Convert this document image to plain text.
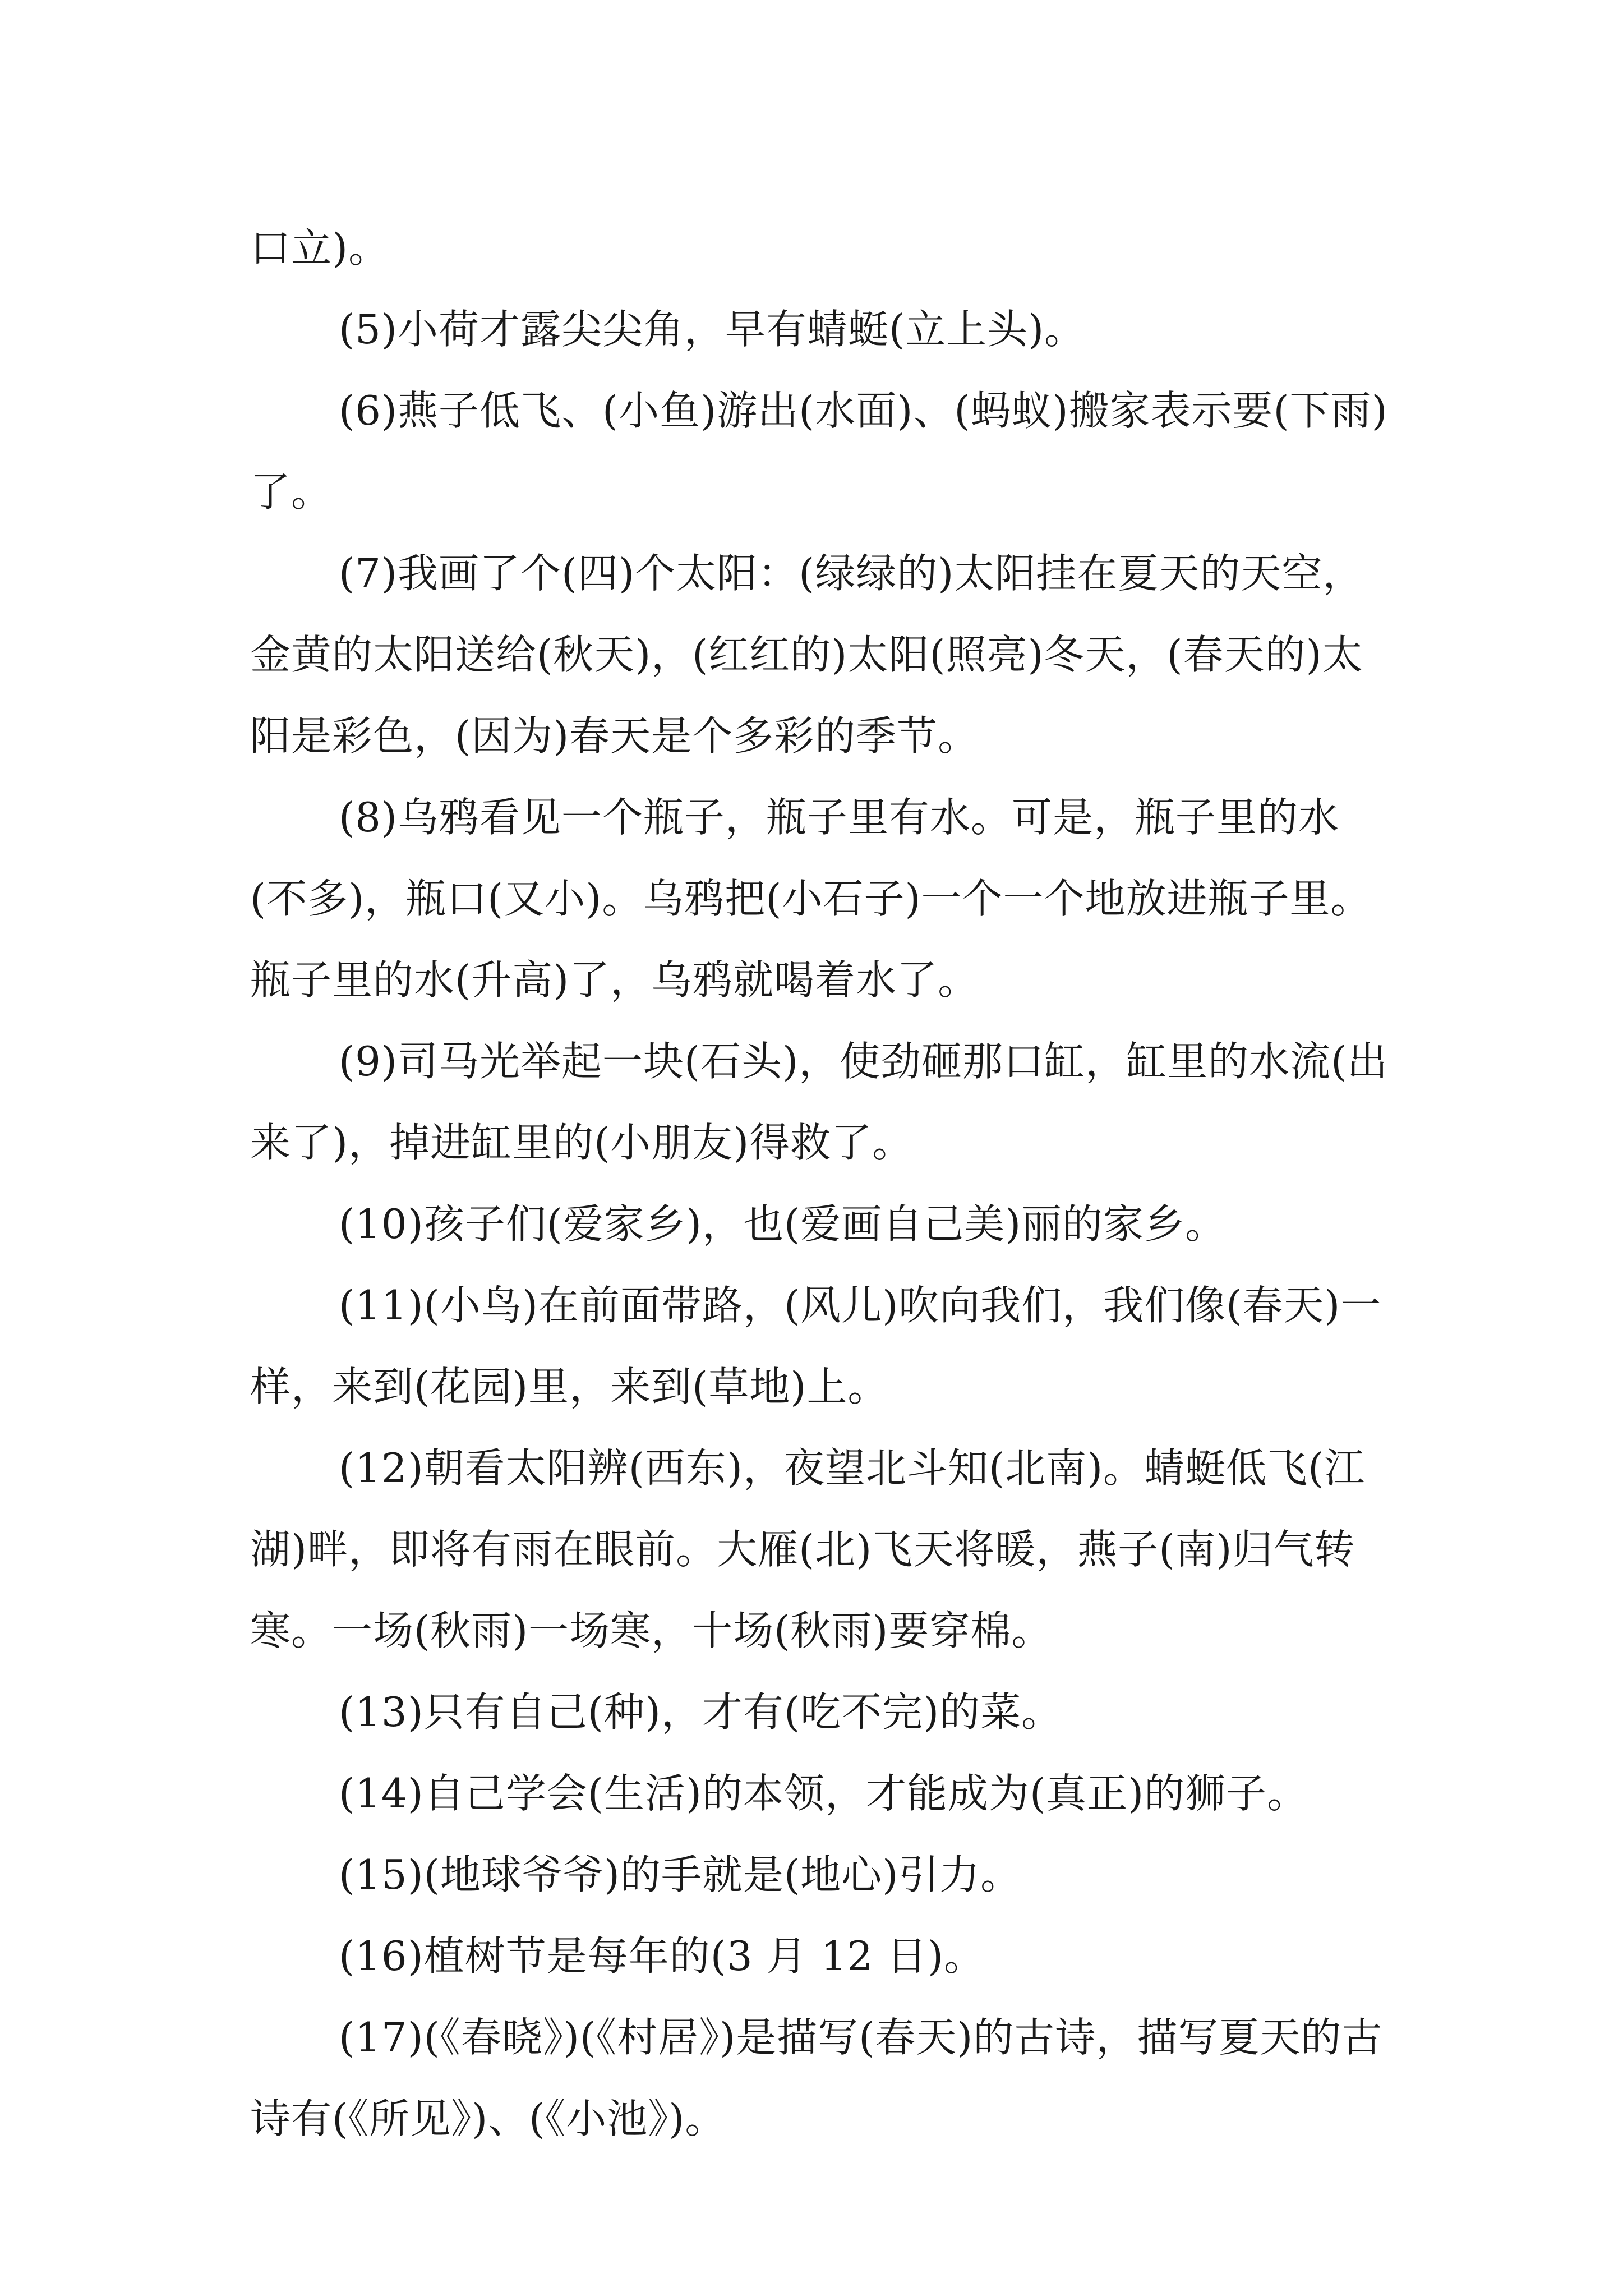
口立)。

(5)小荷才露尖尖角，早有蜻蜓(立上头)。

(6)燕子低飞、(小鱼)游出(水面)、(蚂蚁)搬家表示要(下雨)了。

(7)我画了个(四)个太阳：(绿绿的)太阳挂在夏天的天空，金黄的太阳送给(秋天)，(红红的)太阳(照亮)冬天，(春天的)太阳是彩色，(因为)春天是个多彩的季节。

(8)乌鸦看见一个瓶子，瓶子里有水。可是，瓶子里的水(不多)，瓶口(又小)。乌鸦把(小石子)一个一个地放进瓶子里。瓶子里的水(升高)了，乌鸦就喝着水了。

(9)司马光举起一块(石头)，使劲砸那口缸，缸里的水流(出来了)，掉进缸里的(小朋友)得救了。

(10)孩子们(爱家乡)，也(爱画自己美)丽的家乡。

(11)(小鸟)在前面带路，(风儿)吹向我们，我们像(春天)一样，来到(花园)里，来到(草地)上。

(12)朝看太阳辨(西东)，夜望北斗知(北南)。蜻蜓低飞(江湖)畔，即将有雨在眼前。大雁(北)飞天将暖，燕子(南)归气转寒。一场(秋雨)一场寒，十场(秋雨)要穿棉。

(13)只有自己(种)，才有(吃不完)的菜。

(14)自己学会(生活)的本领，才能成为(真正)的狮子。

(15)(地球爷爷)的手就是(地心)引力。

(16)植树节是每年的(3 月 12 日)。

(17)(《春晓》)(《村居》)是描写(春天)的古诗，描写夏天的古诗有(《所见》)、(《小池》)。
